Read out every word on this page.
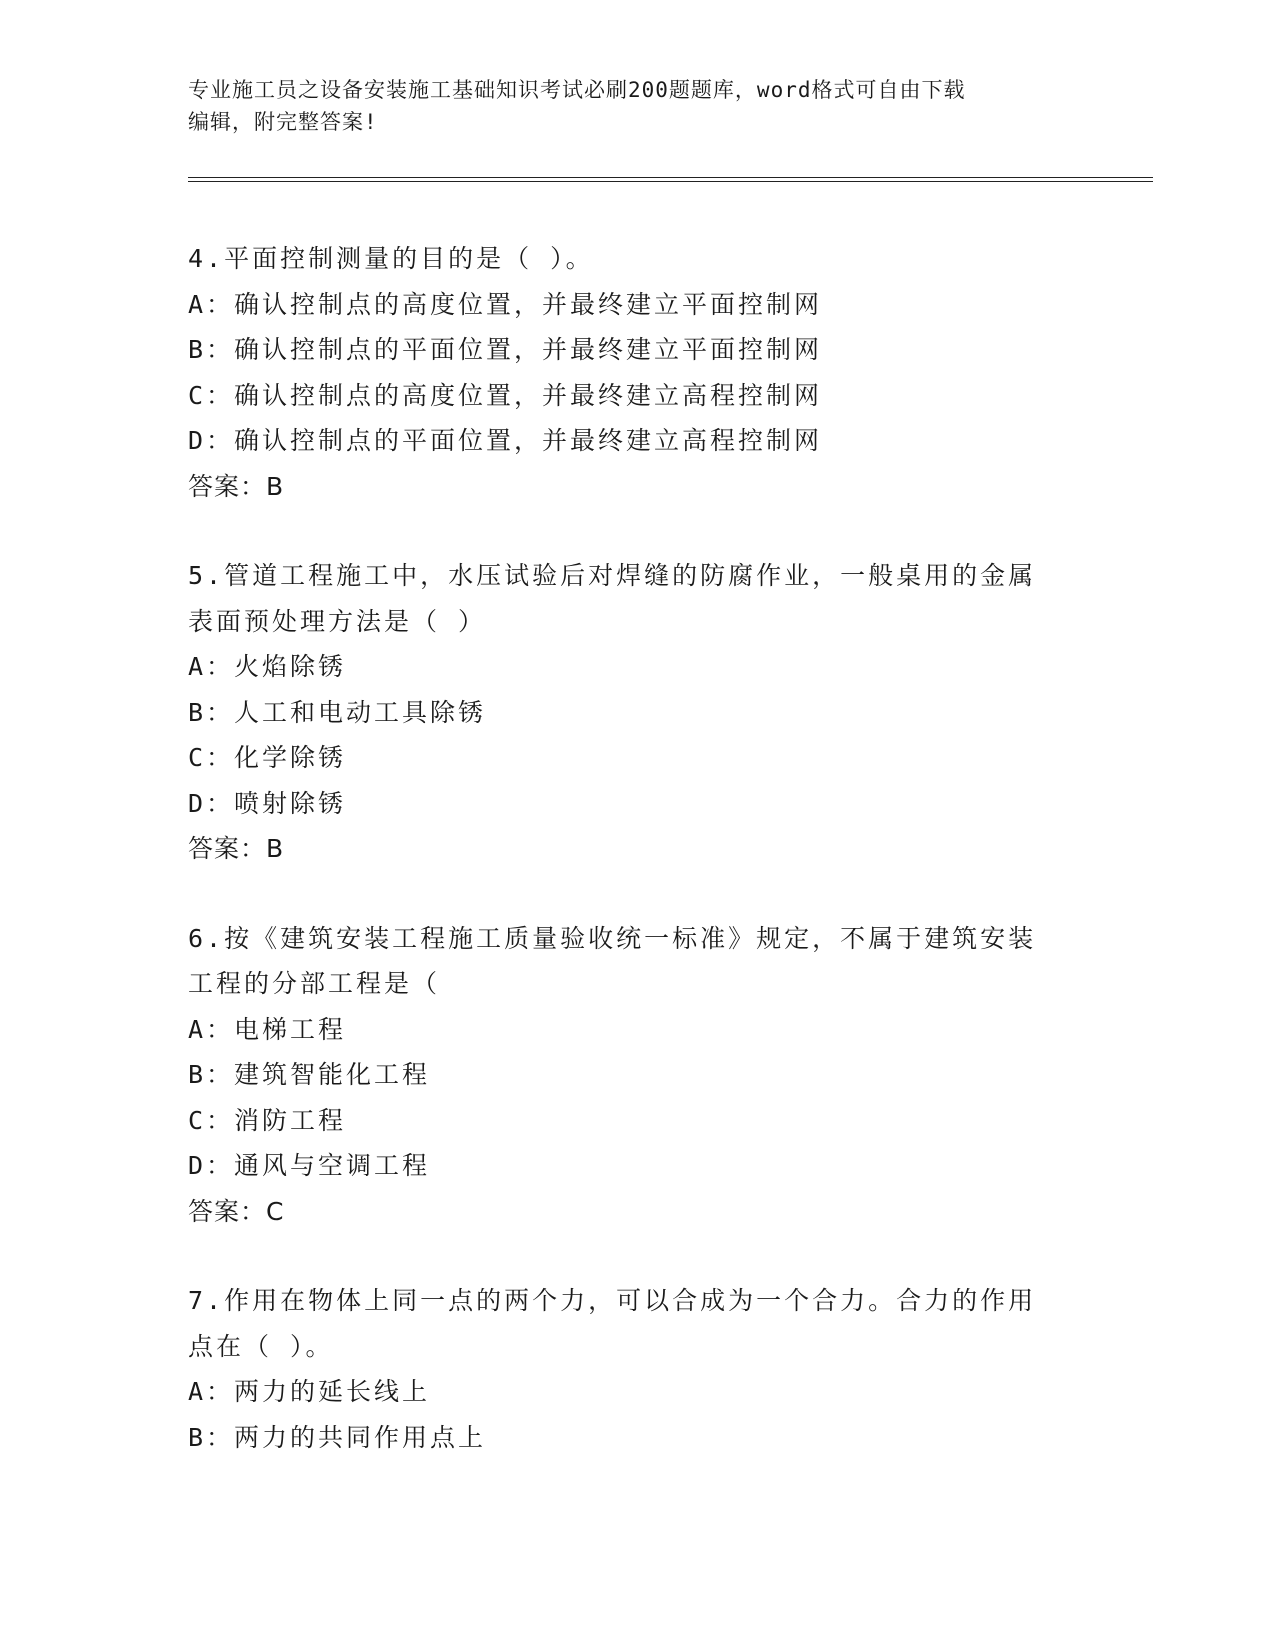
专业施工员之设备安装施工基础知识考试必刷200题题库，word格式可自由下载
编辑，附完整答案!
4.平面控制测量的目的是（ ）。
A：确认控制点的高度位置，并最终建立平面控制网
B：确认控制点的平面位置，并最终建立平面控制网
C：确认控制点的高度位置，并最终建立高程控制网
D：确认控制点的平面位置，并最终建立高程控制网
答案：B
5.管道工程施工中，水压试验后对焊缝的防腐作业，一般桌用的金属
表面预处理方法是（ ）
A：火焰除锈
B：人工和电动工具除锈
C：化学除锈
D：喷射除锈
答案：B
6.按《建筑安装工程施工质量验收统一标准》规定，不属于建筑安装
工程的分部工程是（
A：电梯工程
B：建筑智能化工程
C：消防工程
D：通风与空调工程
答案：C
7.作用在物体上同一点的两个力，可以合成为一个合力。合力的作用
点在（ ）。
A：两力的延长线上
B：两力的共同作用点上
